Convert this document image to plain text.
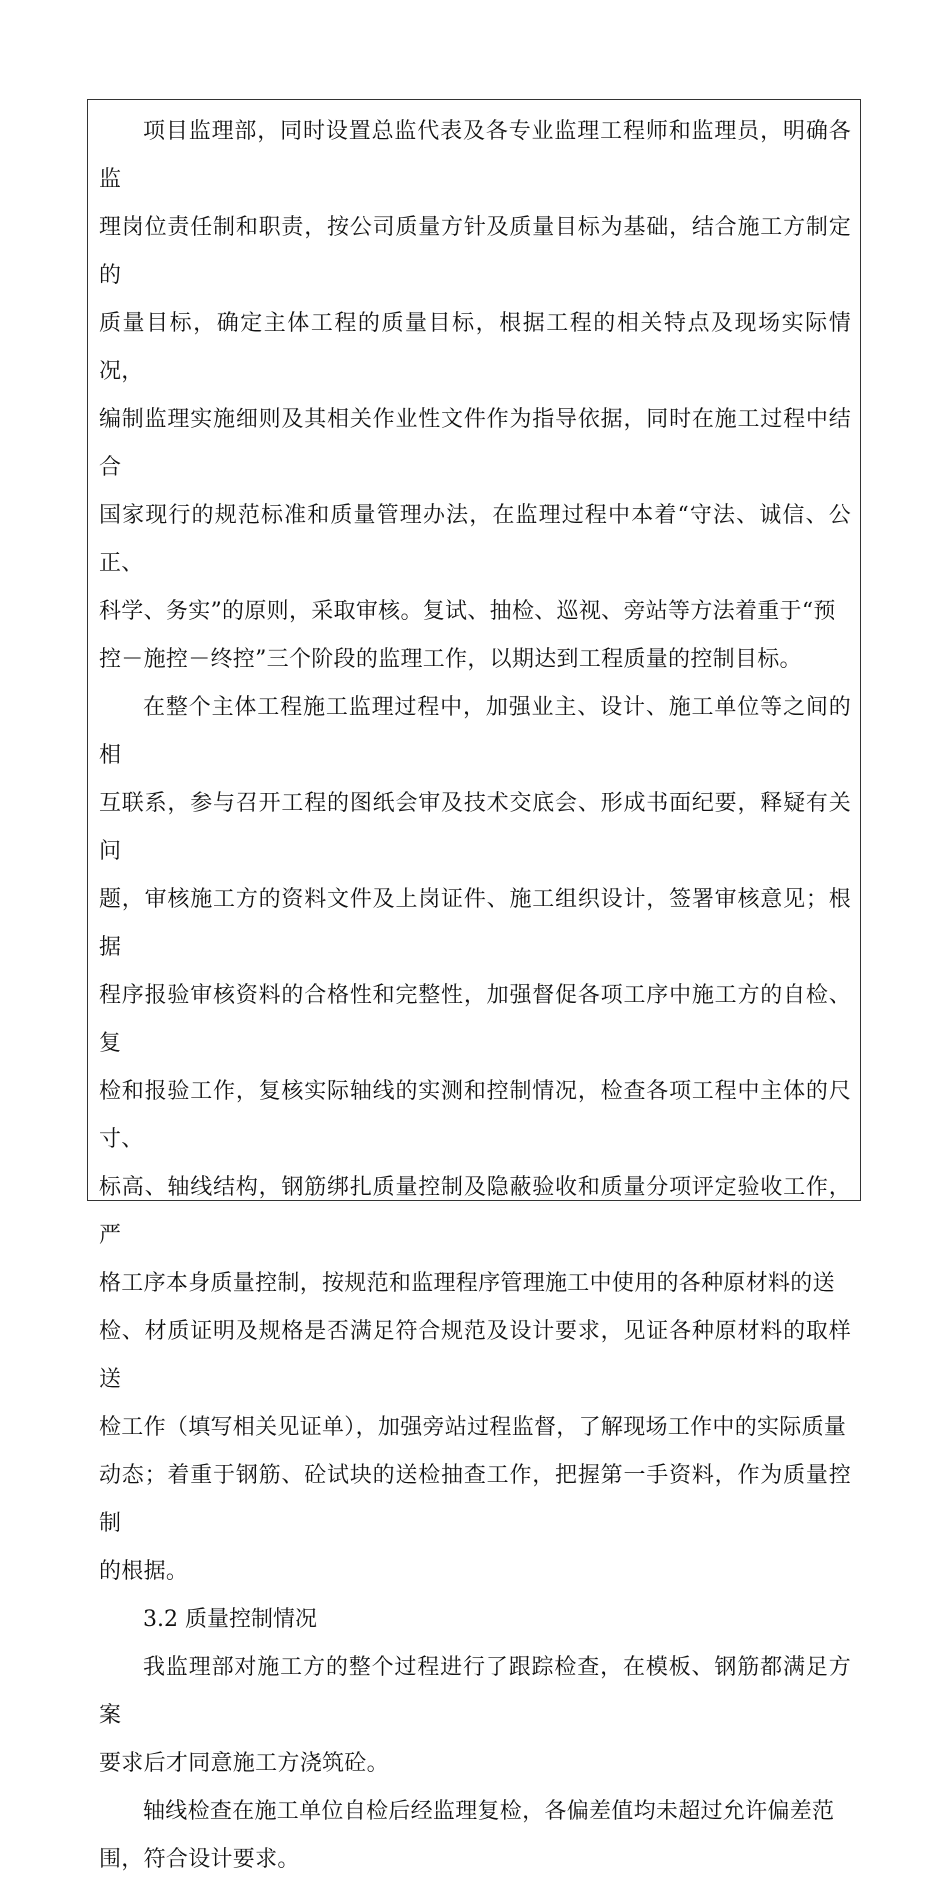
项目监理部，同时设置总监代表及各专业监理工程师和监理员，明确各监
理岗位责任制和职责，按公司质量方针及质量目标为基础，结合施工方制定的
质量目标，确定主体工程的质量目标，根据工程的相关特点及现场实际情况，
编制监理实施细则及其相关作业性文件作为指导依据，同时在施工过程中结合
国家现行的规范标准和质量管理办法，在监理过程中本着“守法、诚信、公正、
科学、务实”的原则，采取审核。复试、抽检、巡视、旁站等方法着重于“预
控－施控－终控”三个阶段的监理工作，以期达到工程质量的控制目标。

在整个主体工程施工监理过程中，加强业主、设计、施工单位等之间的相
互联系，参与召开工程的图纸会审及技术交底会、形成书面纪要，释疑有关问
题，审核施工方的资料文件及上岗证件、施工组织设计，签署审核意见；根据
程序报验审核资料的合格性和完整性，加强督促各项工序中施工方的自检、复
检和报验工作，复核实际轴线的实测和控制情况，检查各项工程中主体的尺寸、
标高、轴线结构，钢筋绑扎质量控制及隐蔽验收和质量分项评定验收工作，严
格工序本身质量控制，按规范和监理程序管理施工中使用的各种原材料的送
检、材质证明及规格是否满足符合规范及设计要求，见证各种原材料的取样送
检工作（填写相关见证单），加强旁站过程监督，了解现场工作中的实际质量
动态；着重于钢筋、砼试块的送检抽查工作，把握第一手资料，作为质量控制
的根据。

3.2 质量控制情况

我监理部对施工方的整个过程进行了跟踪检查，在模板、钢筋都满足方案
要求后才同意施工方浇筑砼。

轴线检查在施工单位自检后经监理复检，各偏差值均未超过允许偏差范
围，符合设计要求。
